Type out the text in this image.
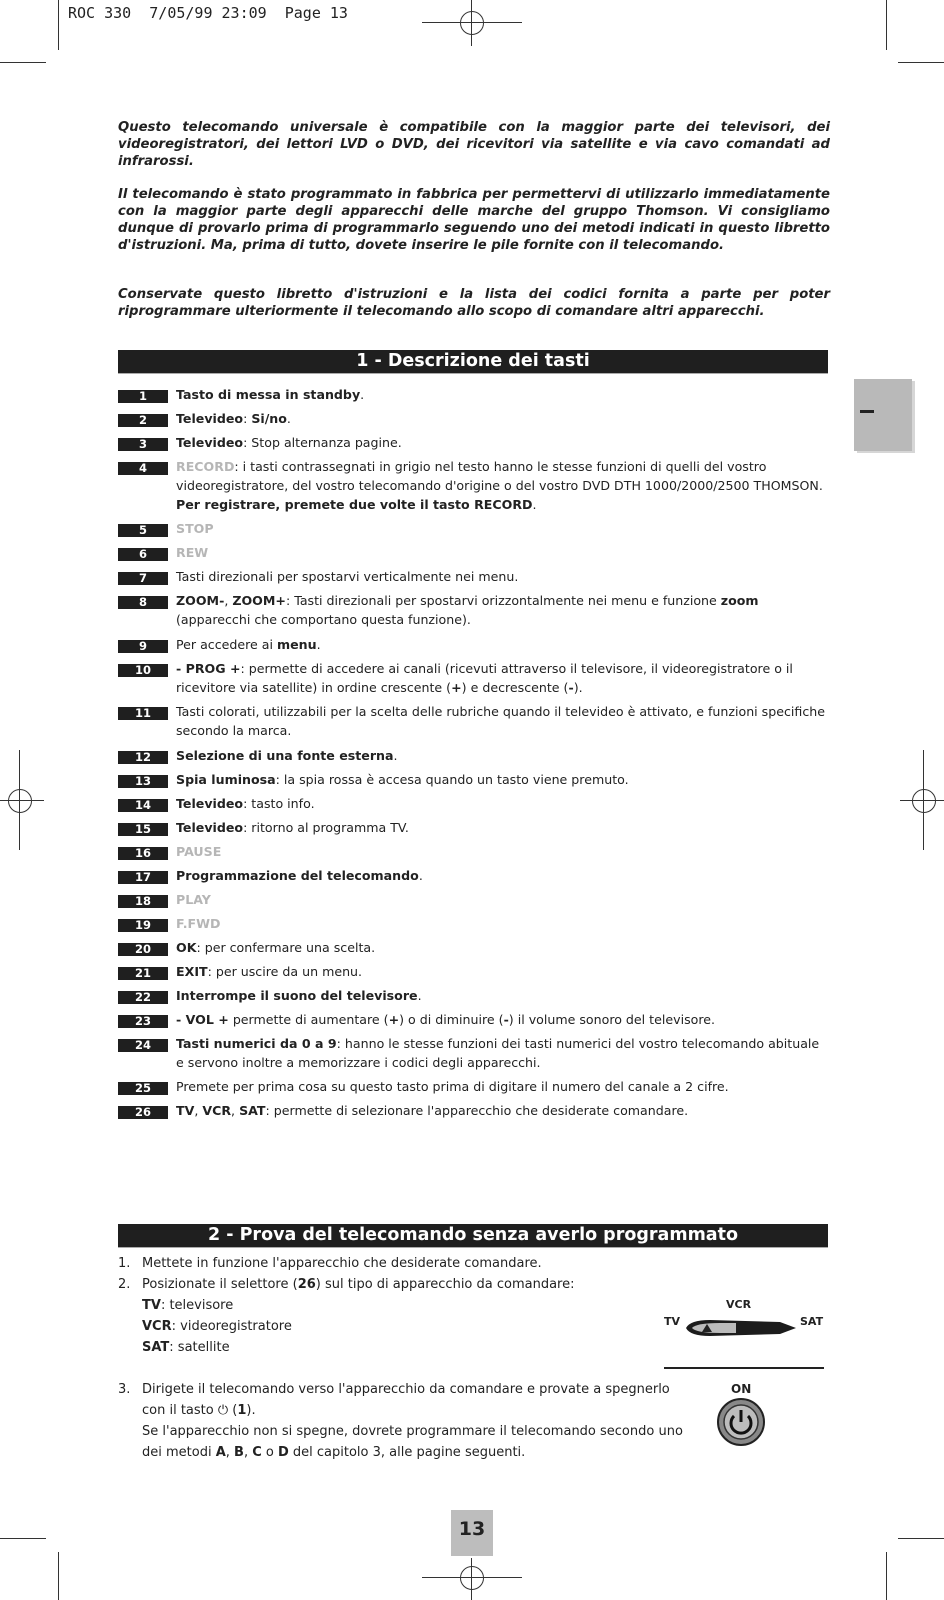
ROC 330  7/05/99 23:09  Page 13

Questo telecomando universale è compatibile con la maggior parte dei televisori, dei videoregistratori, dei lettori LVD o DVD, dei ricevitori via satellite e via cavo comandati ad infrarossi.

Il telecomando è stato programmato in fabbrica per permettervi di utilizzarlo immediatamente con la maggior parte degli apparecchi delle marche del gruppo Thomson. Vi consigliamo dunque di provarlo prima di programmarlo seguendo uno dei metodi indicati in questo libretto d'istruzioni. Ma, prima di tutto, dovete inserire le pile fornite con il telecomando.

Conservate questo libretto d'istruzioni e la lista dei codici fornita a parte per poter riprogrammare ulteriormente il telecomando allo scopo di comandare altri apparecchi.

1 - Descrizione dei tasti
1	Tasto di messa in standby.
2	Televideo: Si/no.
3	Televideo: Stop alternanza pagine.
4	RECORD: i tasti contrassegnati in grigio nel testo hanno le stesse funzioni di quelli del vostro videoregistratore, del vostro telecomando d'origine o del vostro DVD DTH 1000/2000/2500 THOMSON.
Per registrare, premete due volte il tasto RECORD.
5	STOP
6	REW
7	Tasti direzionali per spostarvi verticalmente nei menu.
8	ZOOM-, ZOOM+: Tasti direzionali per spostarvi orizzontalmente nei menu e funzione zoom (apparecchi che comportano questa funzione).
9	Per accedere ai menu.
10	- PROG +: permette di accedere ai canali (ricevuti attraverso il televisore, il videoregistratore o il ricevitore via satellite) in ordine crescente (+) e decrescente (-).
11	Tasti colorati, utilizzabili per la scelta delle rubriche quando il televideo è attivato, e funzioni specifiche secondo la marca.
12	Selezione di una fonte esterna.
13	Spia luminosa: la spia rossa è accesa quando un tasto viene premuto.
14	Televideo: tasto info.
15	Televideo: ritorno al programma TV.
16	PAUSE
17	Programmazione del telecomando.
18	PLAY
19	F.FWD
20	OK: per confermare una scelta.
21	EXIT: per uscire da un menu.
22	Interrompe il suono del televisore.
23	- VOL + permette di aumentare (+) o di diminuire (-) il volume sonoro del televisore.
24	Tasti numerici da 0 a 9: hanno le stesse funzioni dei tasti numerici del vostro telecomando abituale e servono inoltre a memorizzare i codici degli apparecchi.
25	Premete per prima cosa su questo tasto prima di digitare il numero del canale a 2 cifre.
26	TV, VCR, SAT: permette di selezionare l'apparecchio che desiderate comandare.
2 - Prova del telecomando senza averlo programmato
1. Mettete in funzione l'apparecchio che desiderate comandare.
2. Posizionate il selettore (26) sul tipo di apparecchio da comandare:
TV: televisore
VCR: videoregistratore
SAT: satellite
3. Dirigete il telecomando verso l'apparecchio da comandare e provate a spegnerlo
con il tasto ⏻ (1).
Se l'apparecchio non si spegne, dovrete programmare il telecomando secondo uno
dei metodi A, B, C o D del capitolo 3, alle pagine seguenti.
VCR
TV	SAT
ON
13
